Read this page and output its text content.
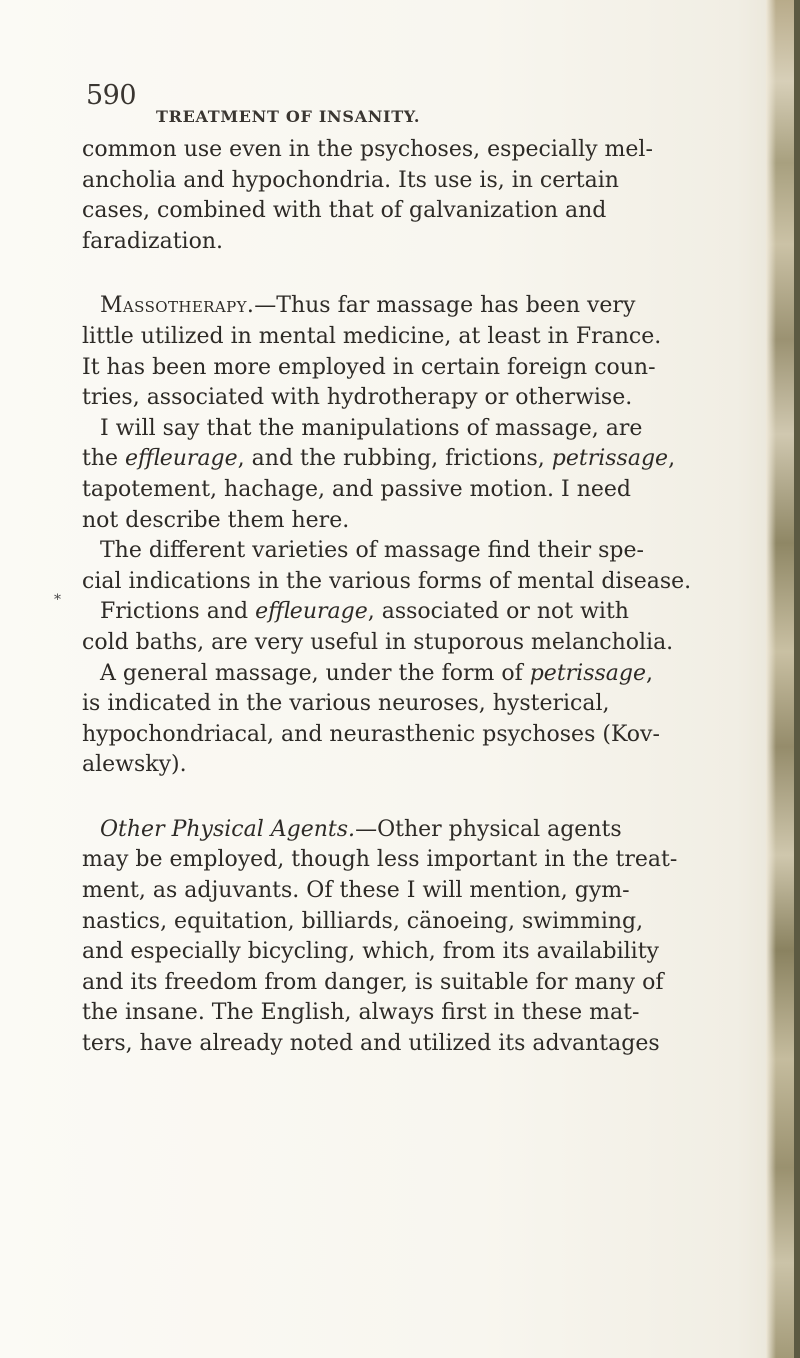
590
TREATMENT OF INSANITY.
*

common use even in the psychoses, especially mel-
ancholia and hypochondria. Its use is, in certain
cases, combined with that of galvanization and
faradization.

Massotherapy.—Thus far massage has been very
little utilized in mental medicine, at least in France.
It has been more employed in certain foreign coun-
tries, associated with hydrotherapy or otherwise.

I will say that the manipulations of massage, are
the effleurage, and the rubbing, frictions, petrissage,
tapotement, hachage, and passive motion. I need
not describe them here.

The different varieties of massage find their spe-
cial indications in the various forms of mental disease.

Frictions and effleurage, associated or not with
cold baths, are very useful in stuporous melancholia.

A general massage, under the form of petrissage,
is indicated in the various neuroses, hysterical,
hypochondriacal, and neurasthenic psychoses (Kov-
alewsky).

Other Physical Agents.—Other physical agents
may be employed, though less important in the treat-
ment, as adjuvants. Of these I will mention, gym-
nastics, equitation, billiards, cänoeing, swimming,
and especially bicycling, which, from its availability
and its freedom from danger, is suitable for many of
the insane. The English, always first in these mat-
ters, have already noted and utilized its advantages
